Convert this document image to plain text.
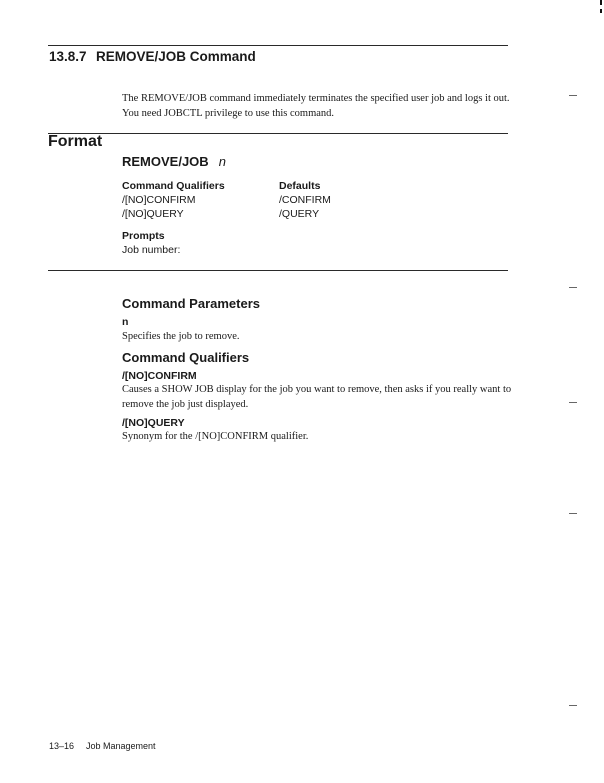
13.8.7 REMOVE/JOB Command
The REMOVE/JOB command immediately terminates the specified user job and logs it out. You need JOBCTL privilege to use this command.
Format
REMOVE/JOB n
Command Qualifiers
/[NO]CONFIRM
/[NO]QUERY
Defaults
/CONFIRM
/QUERY
Prompts
Job number:
Command Parameters
n
Specifies the job to remove.
Command Qualifiers
/[NO]CONFIRM
Causes a SHOW JOB display for the job you want to remove, then asks if you really want to remove the job just displayed.
/[NO]QUERY
Synonym for the /[NO]CONFIRM qualifier.
13–16 Job Management
